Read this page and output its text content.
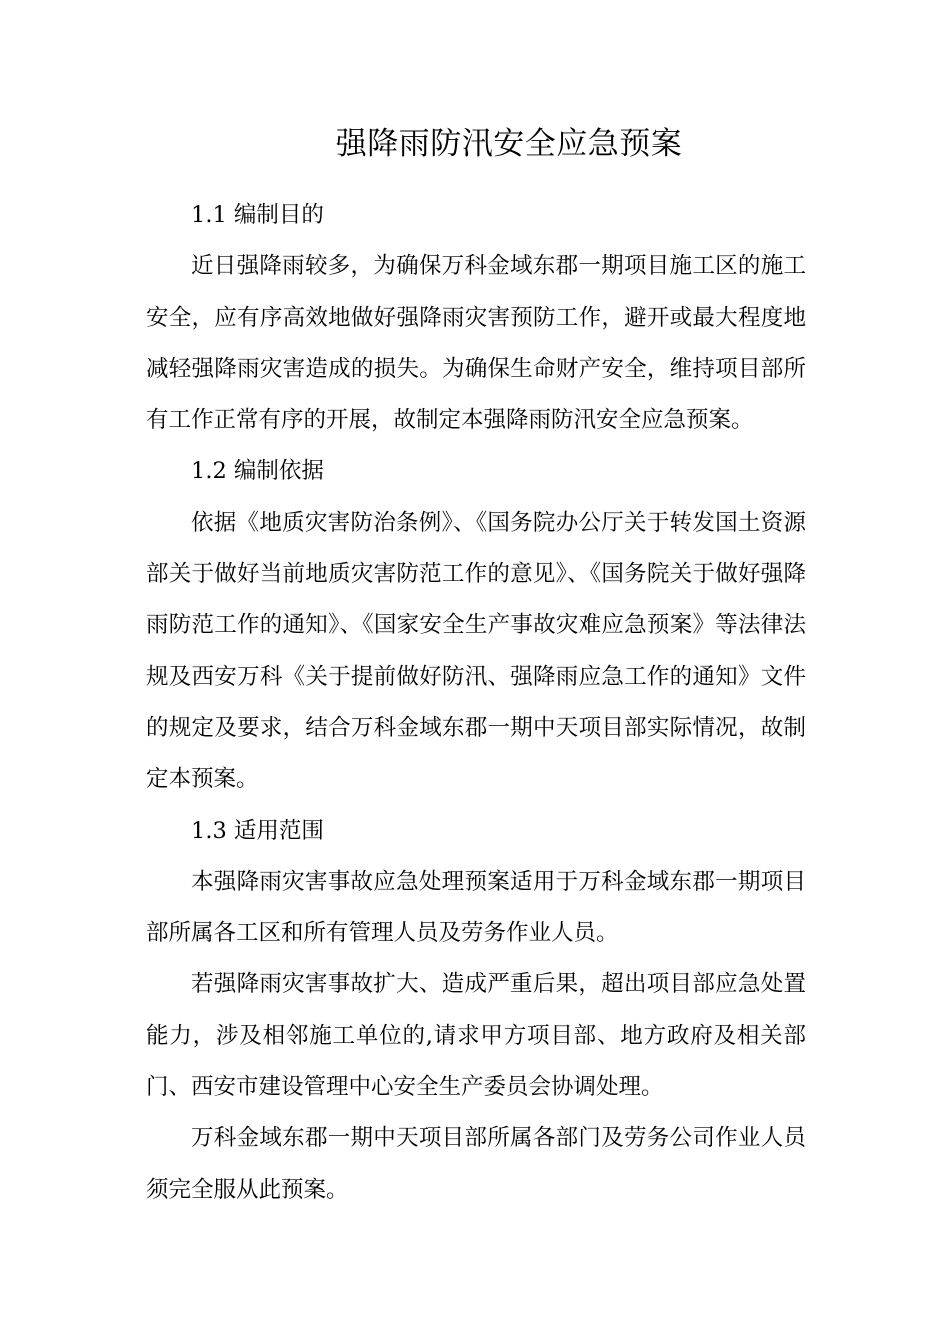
强降雨防汛安全应急预案

1.1 编制目的

近日强降雨较多，为确保万科金域东郡一期项目施工区的施工安全，应有序高效地做好强降雨灾害预防工作，避开或最大程度地减轻强降雨灾害造成的损失。为确保生命财产安全，维持项目部所有工作正常有序的开展，故制定本强降雨防汛安全应急预案。

1.2 编制依据

依据《地质灾害防治条例》、《国务院办公厅关于转发国土资源部关于做好当前地质灾害防范工作的意见》、《国务院关于做好强降雨防范工作的通知》、《国家安全生产事故灾难应急预案》等法律法规及西安万科《关于提前做好防汛、强降雨应急工作的通知》文件的规定及要求，结合万科金域东郡一期中天项目部实际情况，故制定本预案。

1.3 适用范围

本强降雨灾害事故应急处理预案适用于万科金域东郡一期项目部所属各工区和所有管理人员及劳务作业人员。

若强降雨灾害事故扩大、造成严重后果，超出项目部应急处置能力，涉及相邻施工单位的,请求甲方项目部、地方政府及相关部门、西安市建设管理中心安全生产委员会协调处理。

万科金域东郡一期中天项目部所属各部门及劳务公司作业人员须完全服从此预案。
